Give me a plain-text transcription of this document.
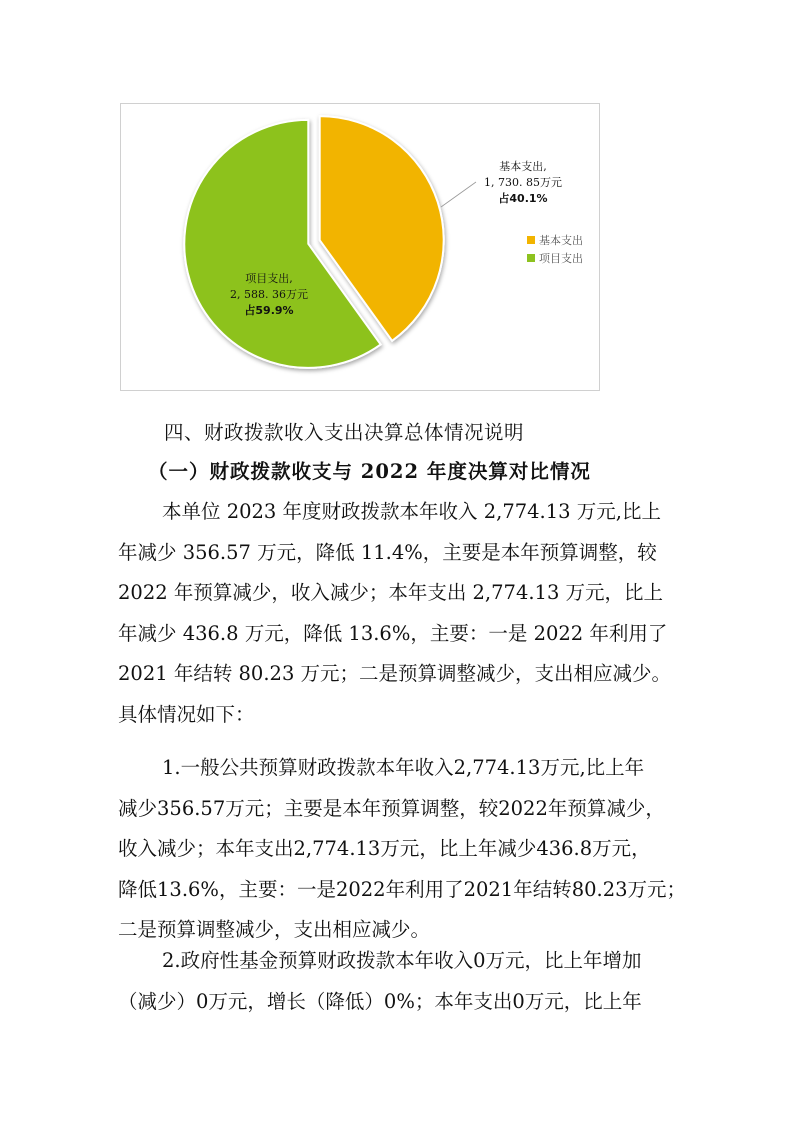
基本支出,
1, 730. 85万元
占40.1%
项目支出,
2, 588. 36万元
占59.9%
基本支出
项目支出
四、财政拨款收入支出决算总体情况说明
（一）财政拨款收支与 2022 年度决算对比情况

本单位 2023 年度财政拨款本年收入 2,774.13 万元,比上
年减少 356.57 万元，降低 11.4%，主要是本年预算调整，较
2022 年预算减少，收入减少；本年支出 2,774.13 万元，比上
年减少 436.8 万元，降低 13.6%，主要：一是 2022 年利用了
2021 年结转 80.23 万元；二是预算调整减少，支出相应减少。
具体情况如下：

1.一般公共预算财政拨款本年收入2,774.13万元,比上年
减少356.57万元；主要是本年预算调整，较2022年预算减少，
收入减少；本年支出2,774.13万元，比上年减少436.8万元，
降低13.6%，主要：一是2022年利用了2021年结转80.23万元；
二是预算调整减少，支出相应减少。

2.政府性基金预算财政拨款本年收入0万元，比上年增加
（减少）0万元，增长（降低）0%；本年支出0万元，比上年
